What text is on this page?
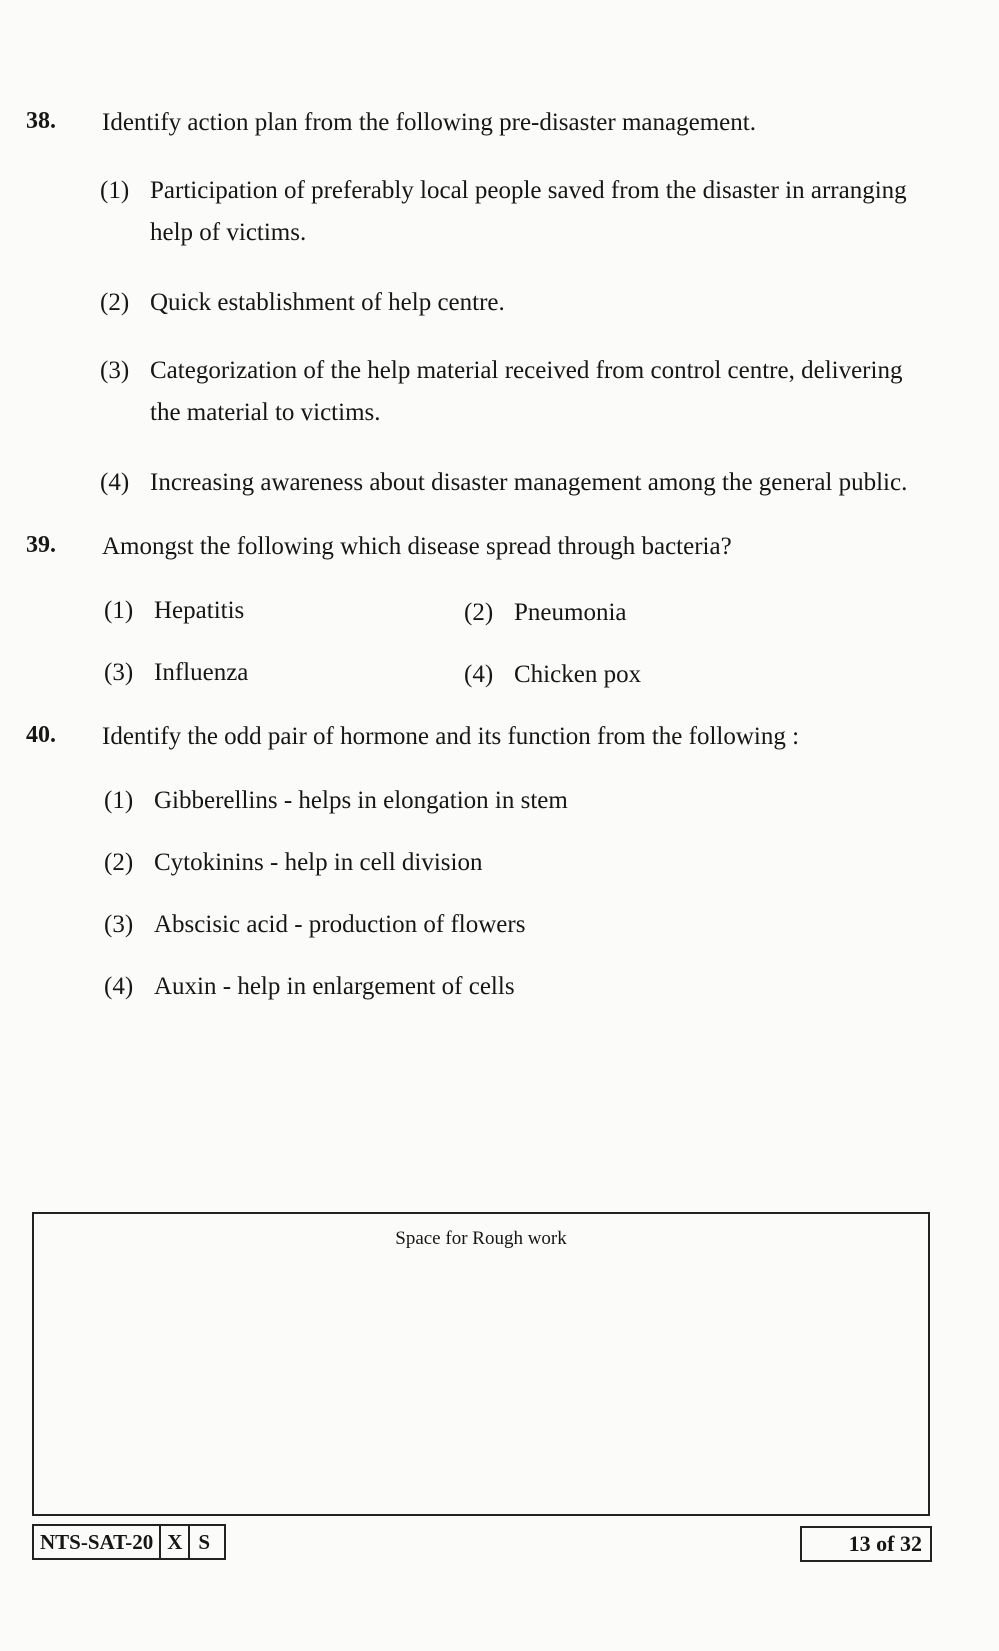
38. Identify action plan from the following pre-disaster management.
(1) Participation of preferably local people saved from the disaster in arranging help of victims.
(2) Quick establishment of help centre.
(3) Categorization of the help material received from control centre, delivering the material to victims.
(4) Increasing awareness about disaster management among the general public.
39. Amongst the following which disease spread through bacteria?
(1) Hepatitis	(2) Pneumonia
(3) Influenza	(4) Chicken pox
40. Identify the odd pair of hormone and its function from the following :
(1) Gibberellins - helps in elongation in stem
(2) Cytokinins - help in cell division
(3) Abscisic acid - production of flowers
(4) Auxin - help in enlargement of cells
Space for Rough work
NTS-SAT-20 X S	13 of 32
